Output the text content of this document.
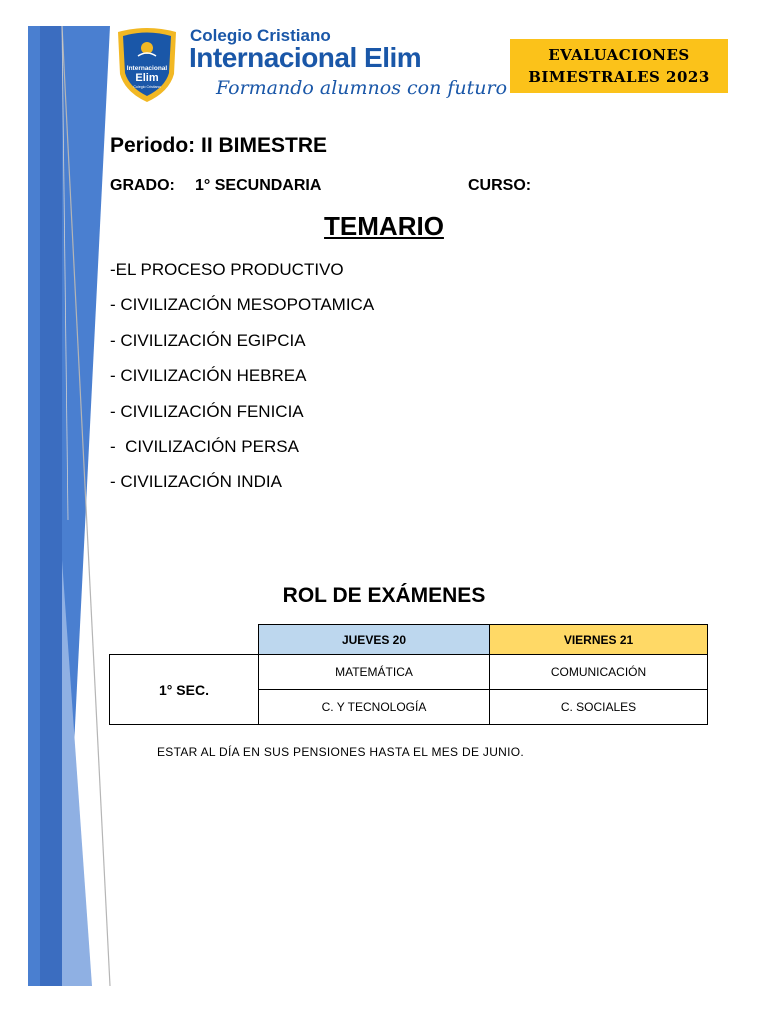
Internacional
Elim
Colegio Cristiano
Colegio Cristiano
Internacional Elim
Formando alumnos con futuro
EVALUACIONES
BIMESTRALES 2023
Periodo: II BIMESTRE
GRADO: 1° SECUNDARIA	CURSO:
TEMARIO
-EL PROCESO PRODUCTIVO
- CIVILIZACIÓN MESOPOTAMICA
- CIVILIZACIÓN EGIPCIA
- CIVILIZACIÓN HEBREA
- CIVILIZACIÓN FENICIA
-  CIVILIZACIÓN PERSA
- CIVILIZACIÓN INDIA
ROL DE EXÁMENES
	JUEVES 20	VIERNES 21
1° SEC.	MATEMÁTICA	COMUNICACIÓN
	C. Y TECNOLOGÍA	C. SOCIALES
ESTAR AL DÍA EN SUS PENSIONES HASTA EL MES DE JUNIO.
